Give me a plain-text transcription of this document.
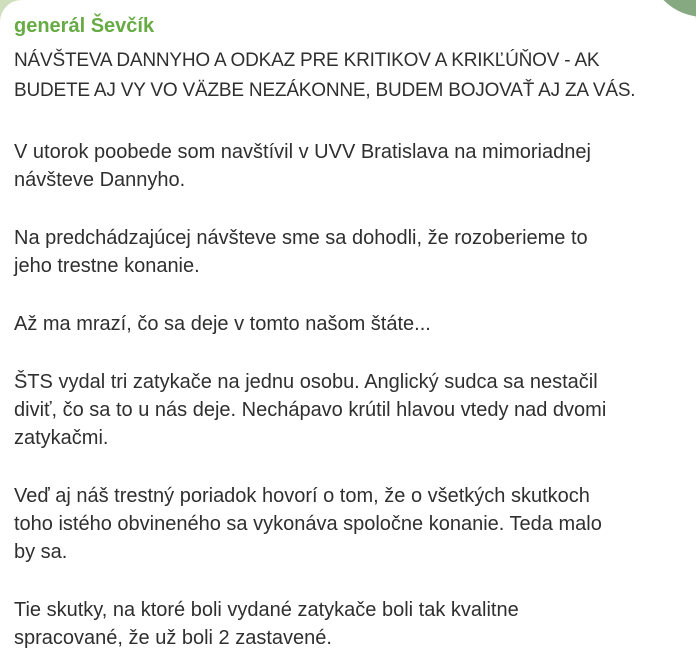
generál Ševčík
NÁVŠTEVA DANNYHO A ODKAZ PRE KRITIKOV A KRIKĽÚŇOV - AK
BUDETE AJ VY VO VÄZBE NEZÁKONNE, BUDEM BOJOVAŤ AJ ZA VÁS.
V utorok poobede som navštívil v UVV Bratislava na mimoriadnej
návšteve Dannyho.
Na predchádzajúcej návšteve sme sa dohodli, že rozoberieme to
jeho trestne konanie.
Až ma mrazí, čo sa deje v tomto našom štáte...
ŠTS vydal tri zatykače na jednu osobu. Anglický sudca sa nestačil
diviť, čo sa to u nás deje. Nechápavo krútil hlavou vtedy nad dvomi
zatykačmi.
Veď aj náš trestný poriadok hovorí o tom, že o všetkých skutkoch
toho istého obvineného sa vykonáva spoločne konanie. Teda malo
by sa.
Tie skutky, na ktoré boli vydané zatykače boli tak kvalitne
spracované, že už boli 2 zastavené.
